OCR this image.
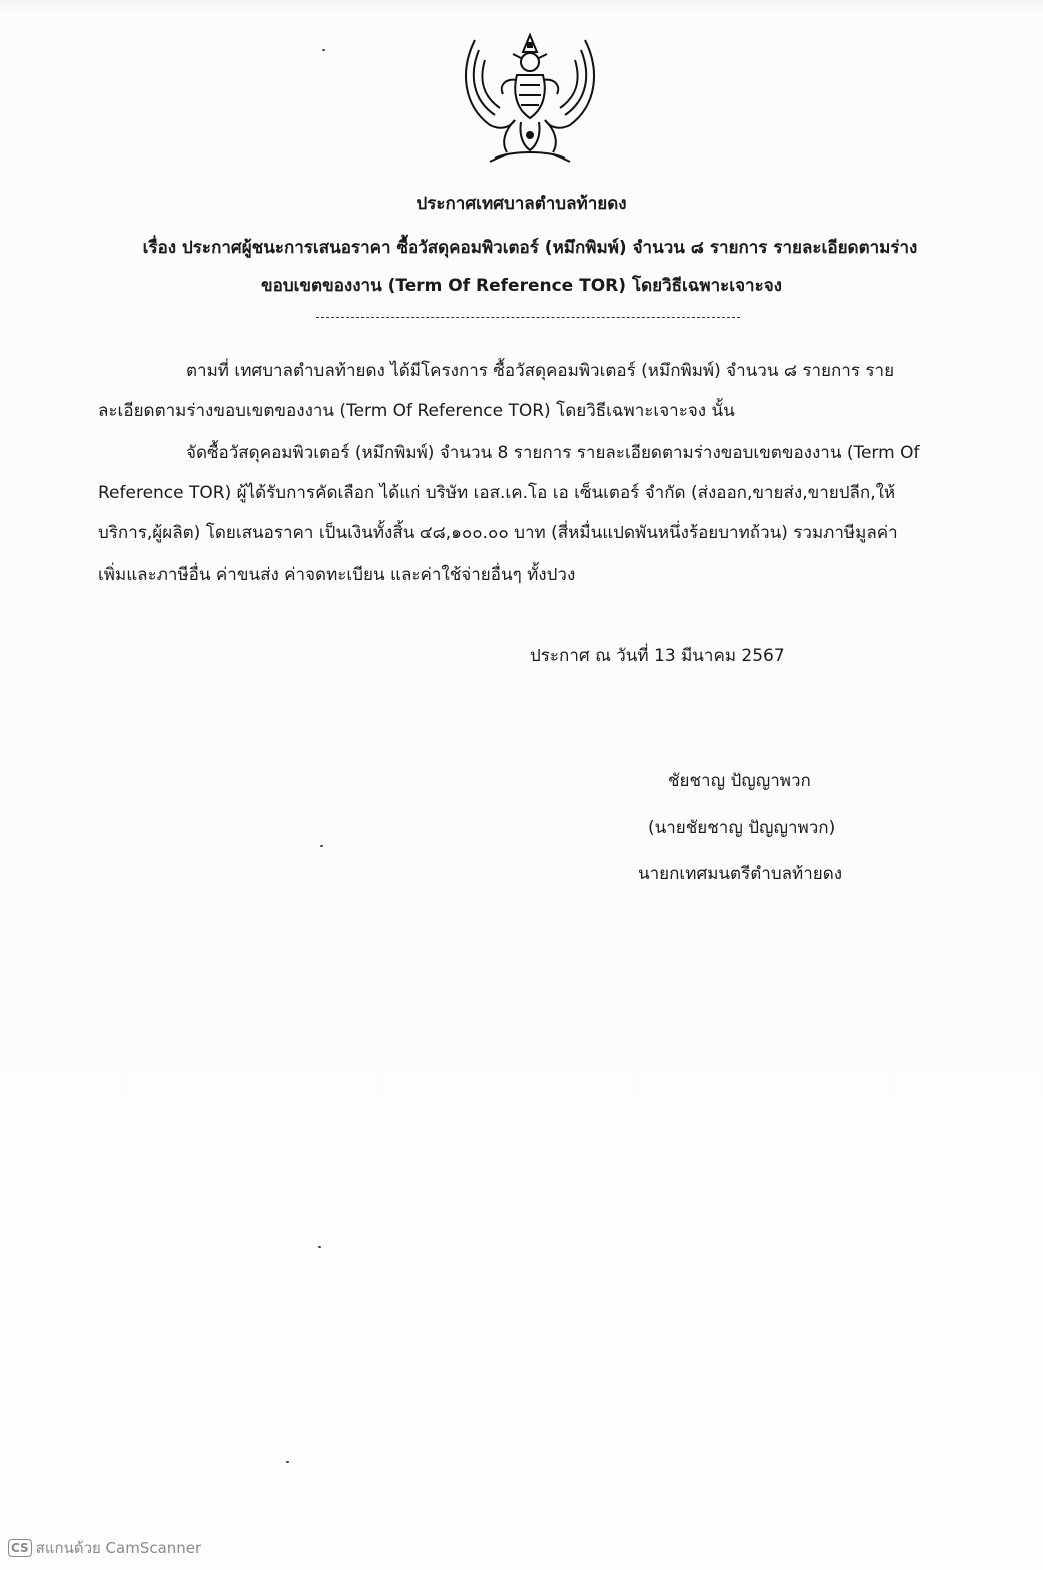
ประกาศเทศบาลตำบลท้ายดง
เรื่อง ประกาศผู้ชนะการเสนอราคา ซื้อวัสดุคอมพิวเตอร์ (หมึกพิมพ์) จำนวน ๘ รายการ รายละเอียดตามร่าง
ขอบเขตของงาน (Term Of Reference TOR) โดยวิธีเฉพาะเจาะจง
ตามที่ เทศบาลตำบลท้ายดง ได้มีโครงการ ซื้อวัสดุคอมพิวเตอร์ (หมึกพิมพ์) จำนวน ๘ รายการ ราย
ละเอียดตามร่างขอบเขตของงาน (Term Of Reference TOR) โดยวิธีเฉพาะเจาะจง นั้น
จัดซื้อวัสดุคอมพิวเตอร์ (หมึกพิมพ์) จำนวน 8 รายการ รายละเอียดตามร่างขอบเขตของงาน (Term Of
Reference TOR) ผู้ได้รับการคัดเลือก ได้แก่ บริษัท เอส.เค.โอ เอ เซ็นเตอร์ จำกัด (ส่งออก,ขายส่ง,ขายปลีก,ให้
บริการ,ผู้ผลิต) โดยเสนอราคา เป็นเงินทั้งสิ้น ๔๘,๑๐๐.๐๐ บาท (สี่หมื่นแปดพันหนึ่งร้อยบาทถ้วน) รวมภาษีมูลค่า
เพิ่มและภาษีอื่น ค่าขนส่ง ค่าจดทะเบียน และค่าใช้จ่ายอื่นๆ ทั้งปวง
ประกาศ ณ วันที่ 13 มีนาคม 2567
ชัยชาญ ปัญญาพวก
(นายชัยชาญ ปัญญาพวก)
นายกเทศมนตรีตำบลท้ายดง
CS สแกนด้วย CamScanner
